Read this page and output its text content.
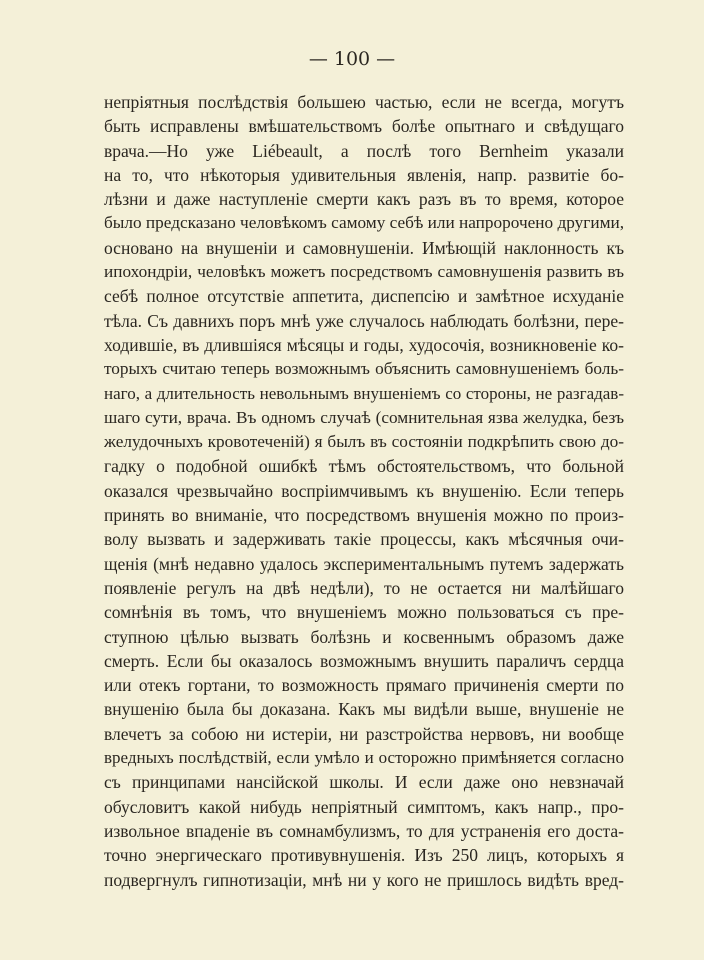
— 100 —
непріятныя послѣдствія большею частью, если не всегда, могутъ
быть исправлены вмѣшательствомъ болѣе опытнаго и свѣдущаго
врача.—Но уже Liébeault, а послѣ того Bernheim указали
на то, что нѣкоторыя удивительныя явленія, напр. развитіе бо-
лѣзни и даже наступленіе смерти какъ разъ въ то время, которое
было предсказано человѣкомъ самому себѣ или напророчено другими,
основано на внушеніи и самовнушеніи. Имѣющій наклонность къ
ипохондріи, человѣкъ можетъ посредствомъ самовнушенія развить въ
себѣ полное отсутствіе аппетита, диспепсію и замѣтное исхуданіе
тѣла. Съ давнихъ поръ мнѣ уже случалось наблюдать болѣзни, пере-
ходившіе, въ длившіяся мѣсяцы и годы, худосочія, возникновеніе ко-
торыхъ считаю теперь возможнымъ объяснить самовнушеніемъ боль-
наго, а длительность невольнымъ внушеніемъ со стороны, не разгадав-
шаго сути, врача. Въ одномъ случаѣ (сомнительная язва желудка, безъ
желудочныхъ кровотеченій) я былъ въ состояніи подкрѣпить свою до-
гадку о подобной ошибкѣ тѣмъ обстоятельствомъ, что больной
оказался чрезвычайно воспріимчивымъ къ внушенію. Если теперь
принять во вниманіе, что посредствомъ внушенія можно по произ-
волу вызвать и задерживать такіе процессы, какъ мѣсячныя очи-
щенія (мнѣ недавно удалось экспериментальнымъ путемъ задержать
появленіе регулъ на двѣ недѣли), то не остается ни малѣйшаго
сомнѣнія въ томъ, что внушеніемъ можно пользоваться съ пре-
ступною цѣлью вызвать болѣзнь и косвеннымъ образомъ даже
смерть. Если бы оказалось возможнымъ внушить параличъ сердца
или отекъ гортани, то возможность прямаго причиненія смерти по
внушенію была бы доказана. Какъ мы видѣли выше, внушеніе не
влечетъ за собою ни истеріи, ни разстройства нервовъ, ни вообще
вредныхъ послѣдствій, если умѣло и осторожно примѣняется согласно
съ принципами нансійской школы. И если даже оно невзначай
обусловитъ какой нибудь непріятный симптомъ, какъ напр., про-
извольное впаденіе въ сомнамбулизмъ, то для устраненія его доста-
точно энергическаго противувнушенія. Изъ 250 лицъ, которыхъ я
подвергнулъ гипнотизаціи, мнѣ ни у кого не пришлось видѣть вред-
